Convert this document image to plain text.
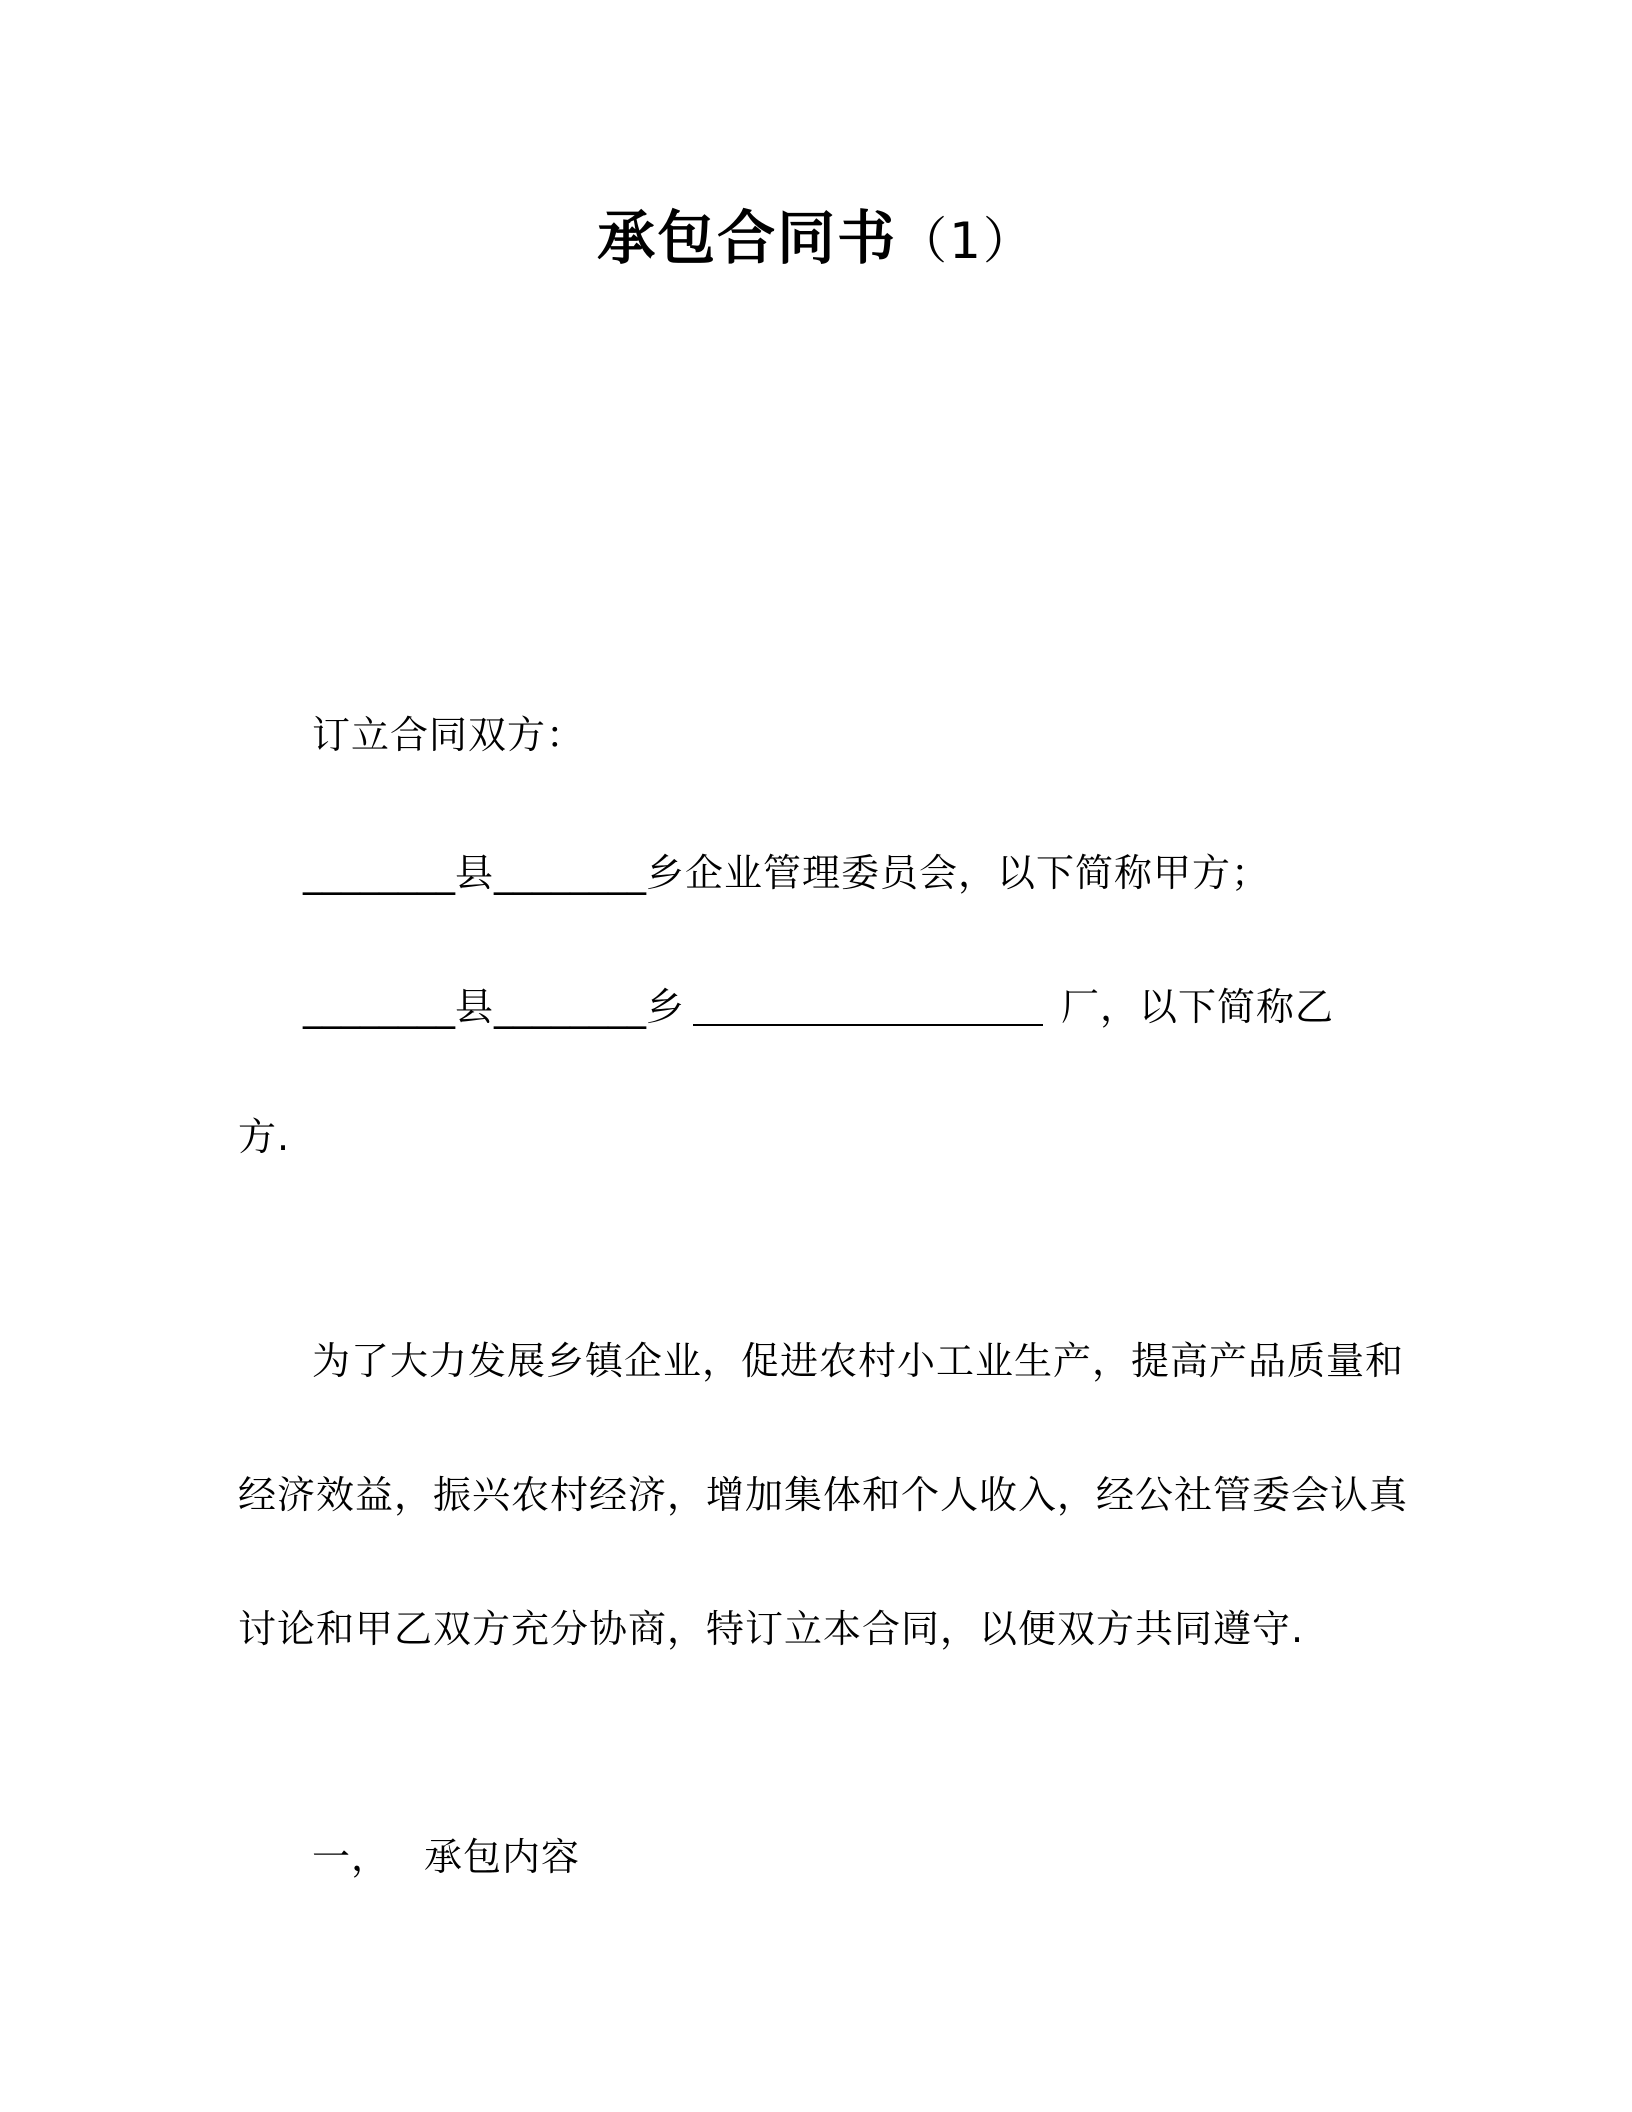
承包合同书（1）
订立合同双方：
________县________乡企业管理委员会，以下简称甲方；
________县________乡	厂，以下简称乙
方.
为了大力发展乡镇企业，促进农村小工业生产，提高产品质量和
经济效益，振兴农村经济，增加集体和个人收入，经公社管委会认真
讨论和甲乙双方充分协商，特订立本合同，以便双方共同遵守.
一， 承包内容
